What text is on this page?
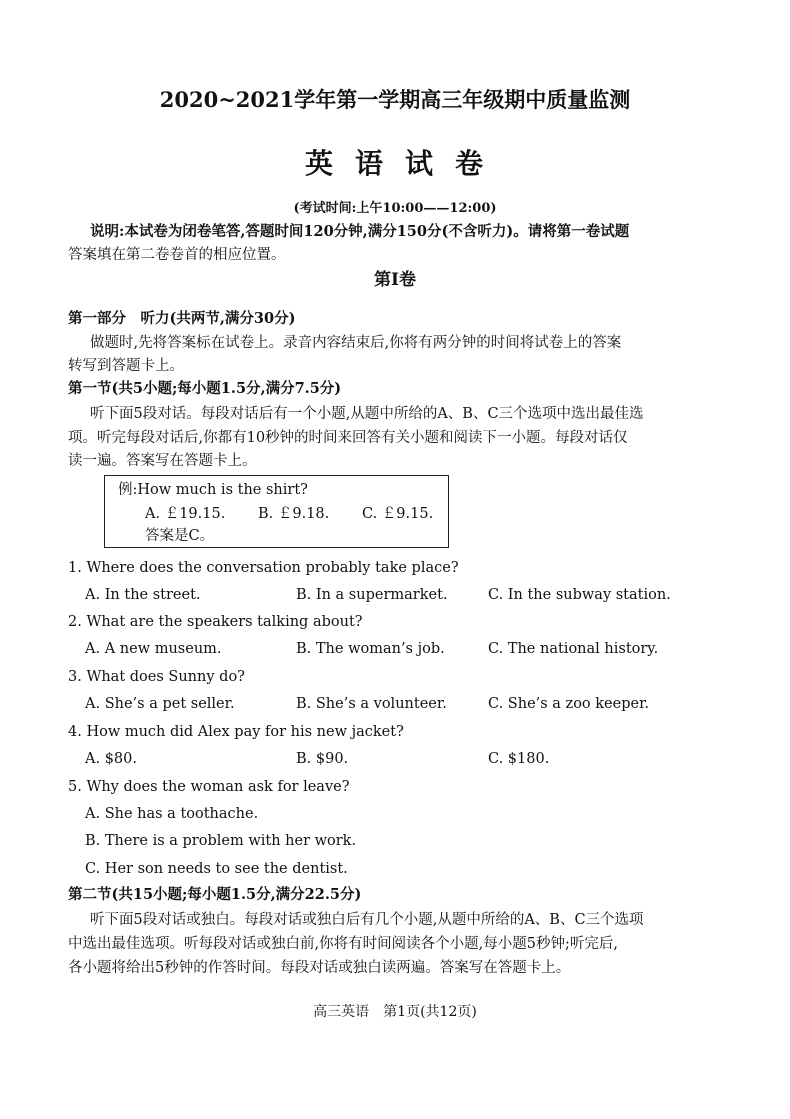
2020~2021学年第一学期高三年级期中质量监测
英语试卷
(考试时间:上午10:00——12:00)
说明:本试卷为闭卷笔答,答题时间120分钟,满分150分(不含听力)。请将第一卷试题
答案填在第二卷卷首的相应位置。
第I卷
第一部分　听力(共两节,满分30分)
做题时,先将答案标在试卷上。录音内容结束后,你将有两分钟的时间将试卷上的答案
转写到答题卡上。
第一节(共5小题;每小题1.5分,满分7.5分)
听下面5段对话。每段对话后有一个小题,从题中所给的A、B、C三个选项中选出最佳选
项。听完每段对话后,你都有10秒钟的时间来回答有关小题和阅读下一小题。每段对话仅
读一遍。答案写在答题卡上。
例:How much is the shirt?
A. ￡19.15. B. ￡9.18. C. ￡9.15.
答案是C。
1. Where does the conversation probably take place?
A. In the street.	B. In a supermarket.	C. In the subway station.
2. What are the speakers talking about?
A. A new museum.	B. The woman’s job.	C. The national history.
3. What does Sunny do?
A. She’s a pet seller.	B. She’s a volunteer.	C. She’s a zoo keeper.
4. How much did Alex pay for his new jacket?
A. $80.	B. $90.	C. $180.
5. Why does the woman ask for leave?
A. She has a toothache.
B. There is a problem with her work.
C. Her son needs to see the dentist.
第二节(共15小题;每小题1.5分,满分22.5分)
听下面5段对话或独白。每段对话或独白后有几个小题,从题中所给的A、B、C三个选项
中选出最佳选项。听每段对话或独白前,你将有时间阅读各个小题,每小题5秒钟;听完后,
各小题将给出5秒钟的作答时间。每段对话或独白读两遍。答案写在答题卡上。
高三英语　第1页(共12页)
